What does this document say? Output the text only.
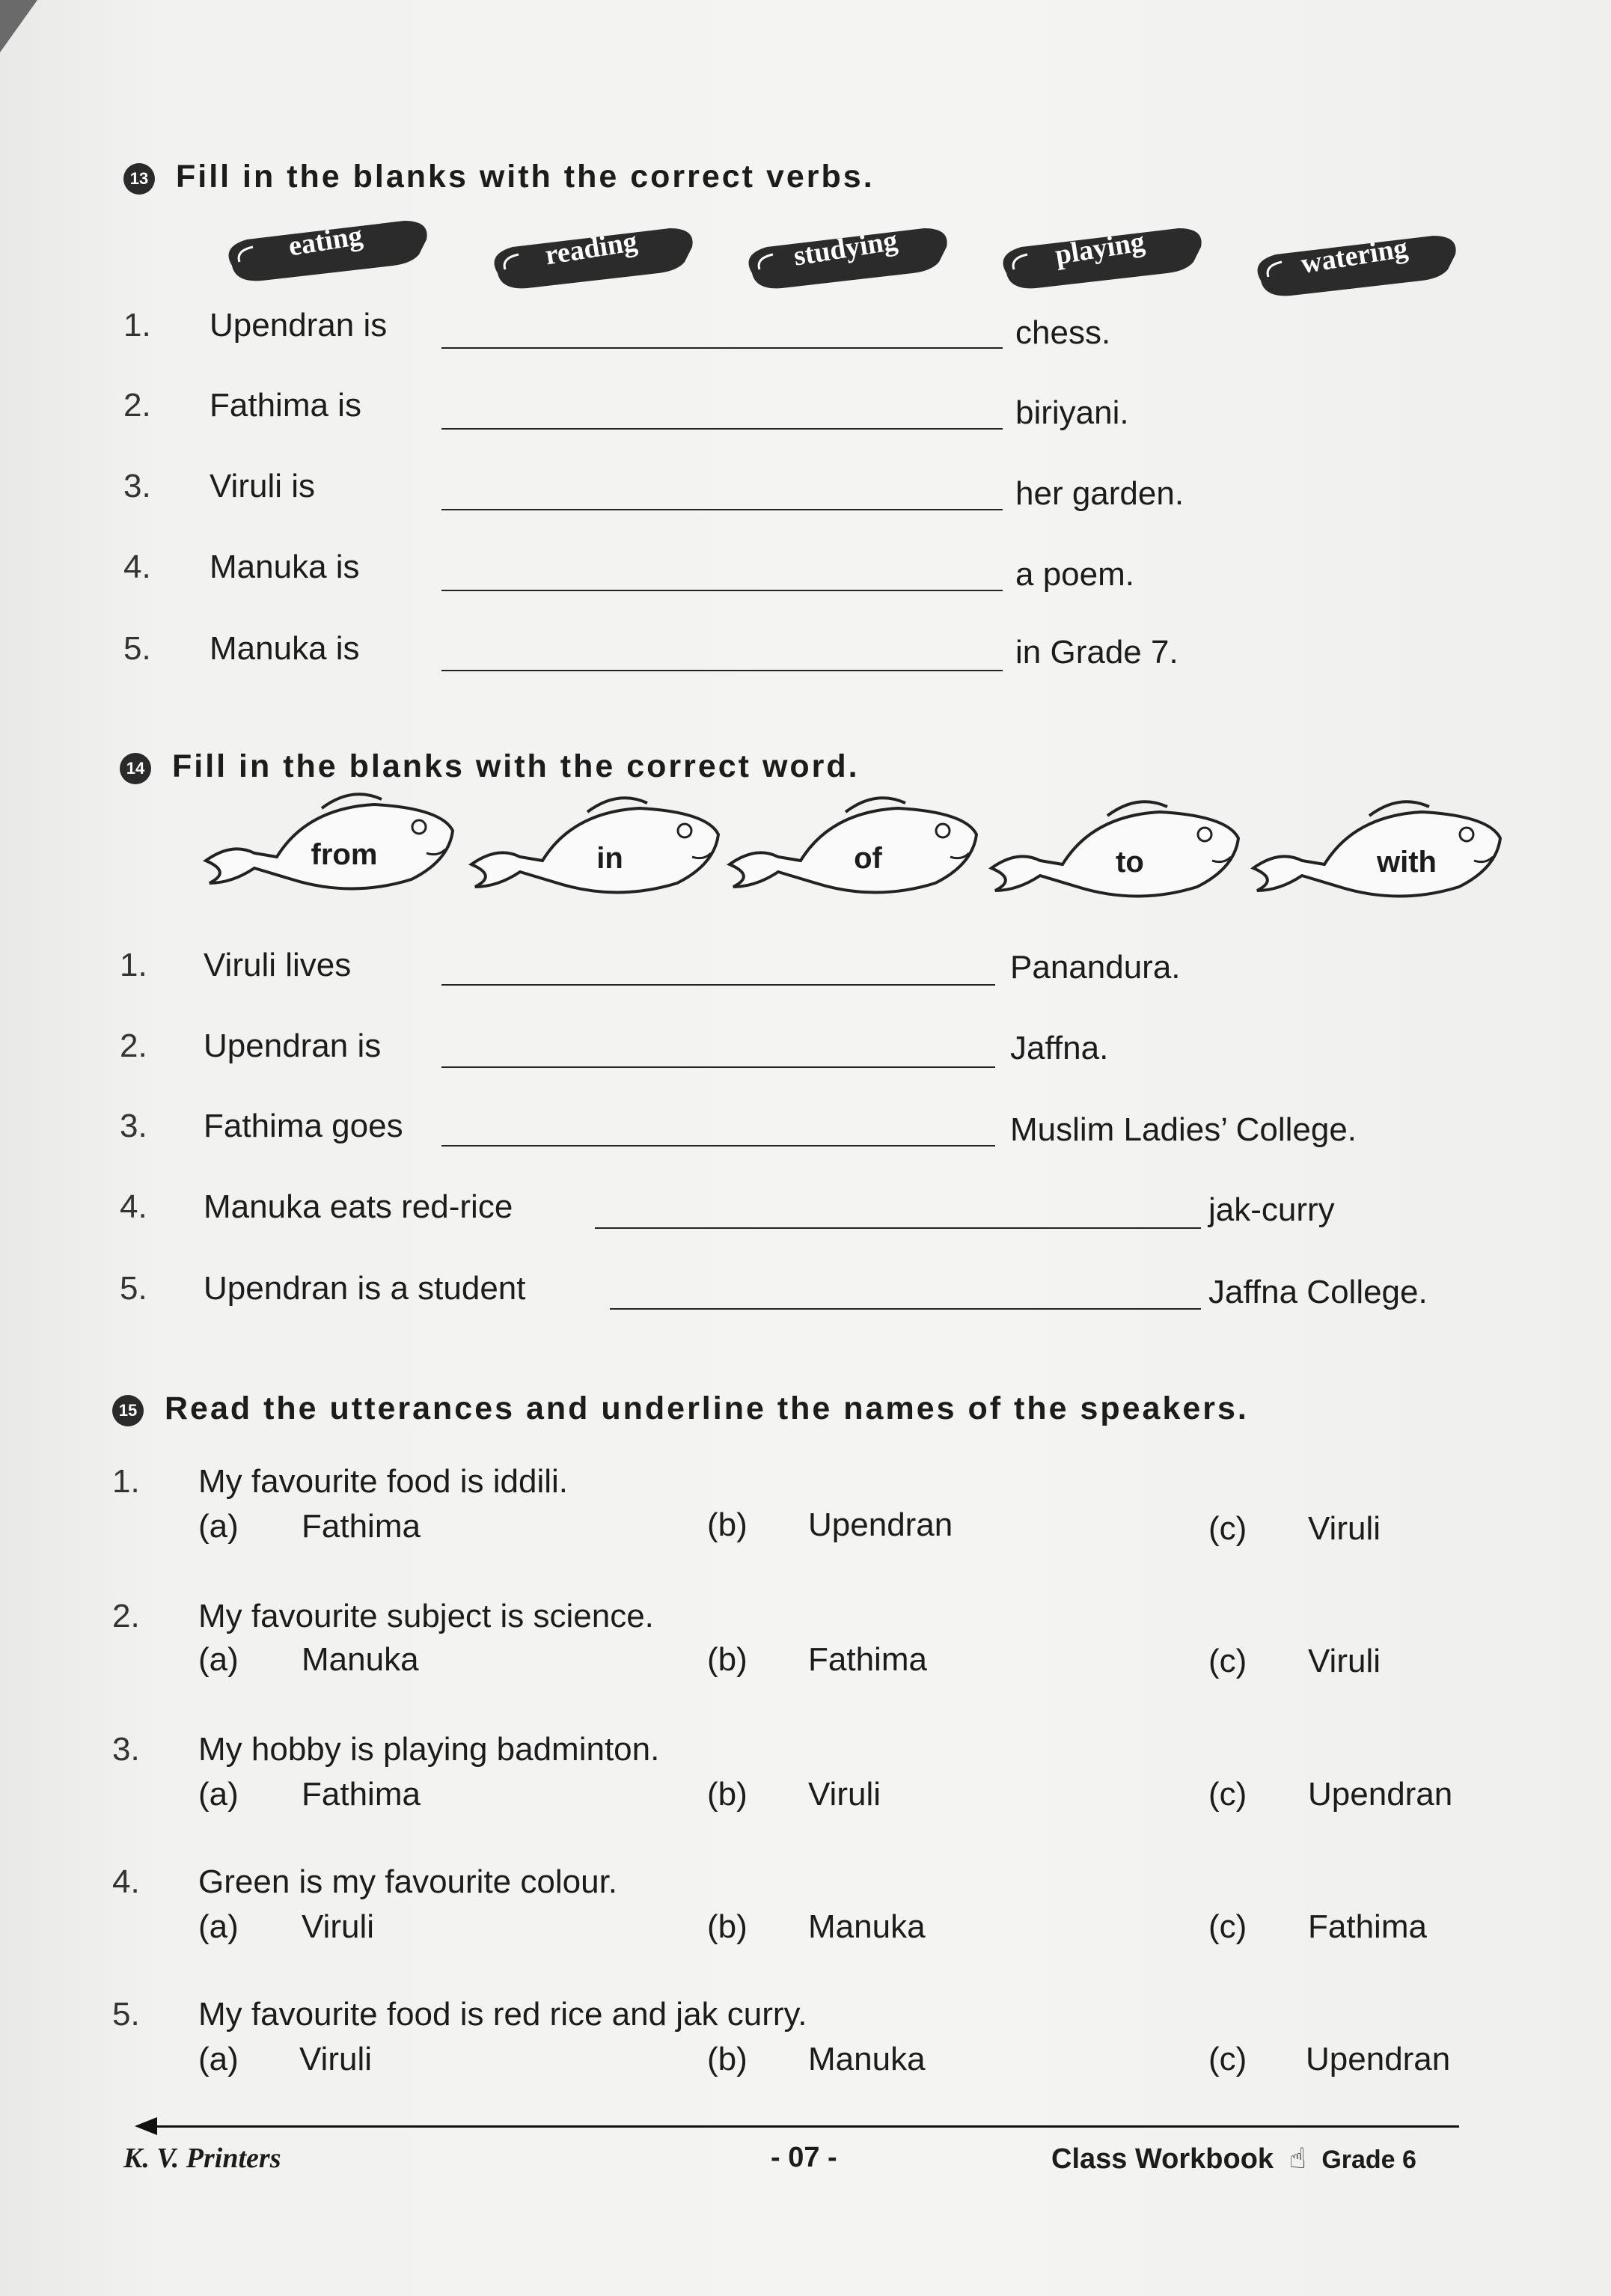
13 Fill in the blanks with the correct verbs.
eating	reading	studying	playing	watering
1. Upendran is	chess.
2. Fathima is	biriyani.
3. Viruli is	her garden.
4. Manuka is	a poem.
5. Manuka is	in Grade 7.
14 Fill in the blanks with the correct word.
from	in	of	to	with
1. Viruli lives	Panandura.
2. Upendran is	Jaffna.
3. Fathima goes	Muslim Ladies’ College.
4. Manuka eats red-rice	jak-curry
5. Upendran is a student	Jaffna College.
15 Read the utterances and underline the names of the speakers.
1. My favourite food is iddili.
(a) Fathima	(b) Upendran	(c) Viruli
2. My favourite subject is science.
(a) Manuka	(b) Fathima	(c) Viruli
3. My hobby is playing badminton.
(a) Fathima	(b) Viruli	(c) Upendran
4. Green is my favourite colour.
(a) Viruli	(b) Manuka	(c) Fathima
5. My favourite food is red rice and jak curry.
(a) Viruli	(b) Manuka	(c) Upendran
K. V. Printers	- 07 -	Class Workbook ☝ Grade 6
